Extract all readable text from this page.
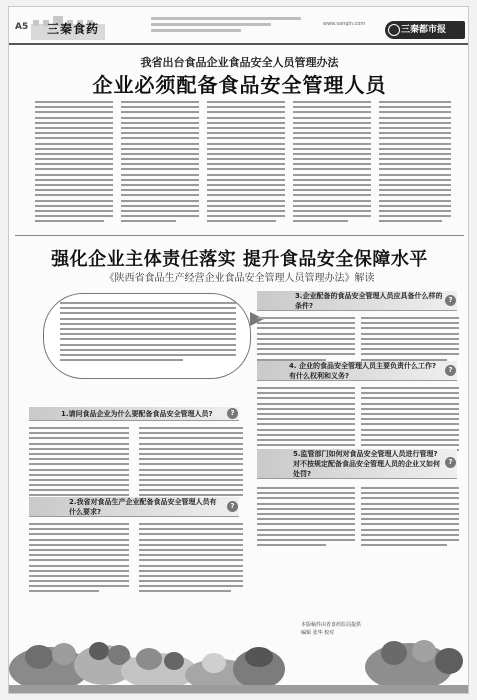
A5 三秦食药	www.sanqin.com
三秦都市报
我省出台食品企业食品安全人员管理办法
企业必须配备食品安全管理人员
强化企业主体责任落实 提升食品安全保障水平
《陕西省食品生产经营企业食品安全管理人员管理办法》解读
?
1.请问食品企业为什么要配备食品安全管理人员?
?
2.我省对食品生产企业配备食品安全管理人员有什么要求?
?
3.企业配备的食品安全管理人员应具备什么样的条件?
?
4. 企业的食品安全管理人员主要负责什么工作?有什么权利和义务?
?
5.监管部门如何对食品安全管理人员进行管理?对不按规定配备食品安全管理人员的企业又如何处罚?
本版稿件由省食药监局提供
编辑 张华 校对
